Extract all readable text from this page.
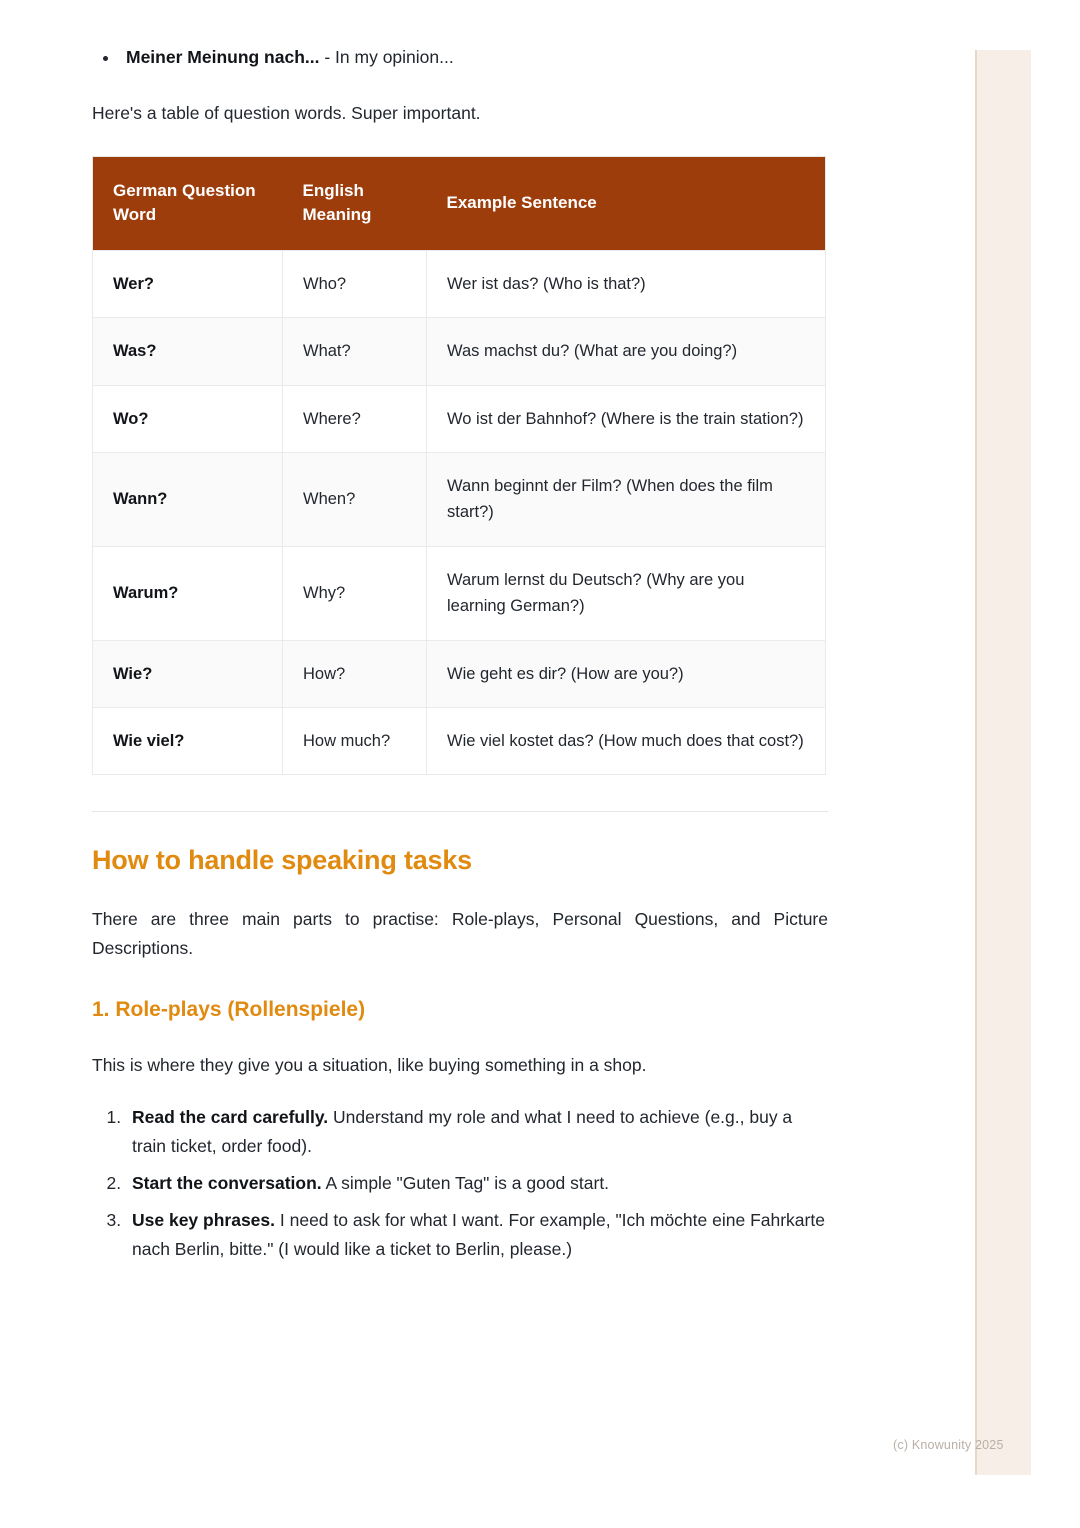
• Meiner Meinung nach... - In my opinion...

Here's a table of question words. Super important.

German Question Word	English Meaning	Example Sentence
Wer?	Who?	Wer ist das? (Who is that?)
Was?	What?	Was machst du? (What are you doing?)
Wo?	Where?	Wo ist der Bahnhof? (Where is the train station?)
Wann?	When?	Wann beginnt der Film? (When does the film start?)
Warum?	Why?	Warum lernst du Deutsch? (Why are you learning German?)
Wie?	How?	Wie geht es dir? (How are you?)
Wie viel?	How much?	Wie viel kostet das? (How much does that cost?)
How to handle speaking tasks

There are three main parts to practise: Role-plays, Personal Questions, and Picture Descriptions.

1. Role-plays (Rollenspiele)

This is where they give you a situation, like buying something in a shop.

1. Read the card carefully. Understand my role and what I need to achieve (e.g., buy a train ticket, order food).
2. Start the conversation. A simple "Guten Tag" is a good start.
3. Use key phrases. I need to ask for what I want. For example, "Ich möchte eine Fahrkarte nach Berlin, bitte." (I would like a ticket to Berlin, please.)
(c) Knowunity 2025
